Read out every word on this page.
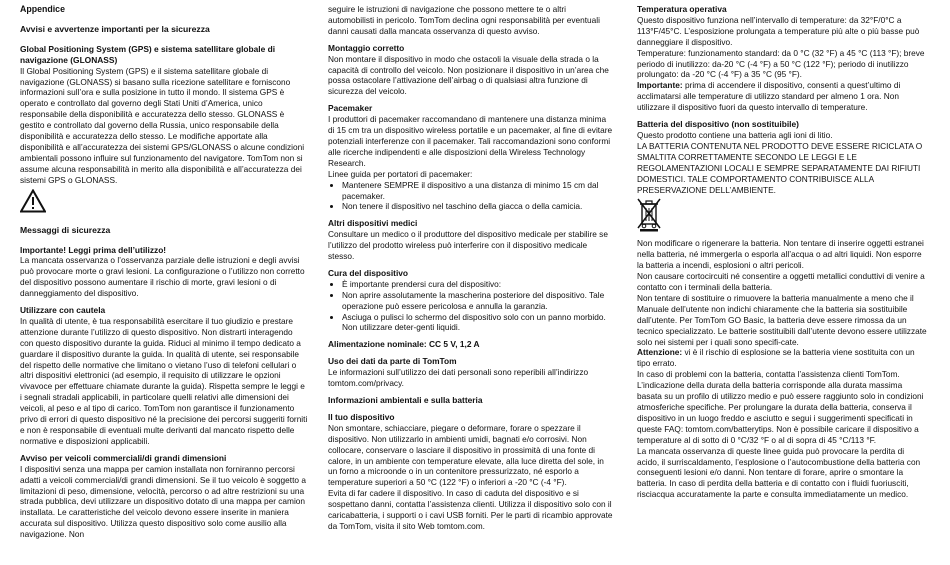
Appendice
Avvisi e avvertenze importanti per la sicurezza
Global Positioning System (GPS) e sistema satellitare globale di navigazione (GLONASS)

Il Global Positioning System (GPS) e il sistema satellitare globale di navigazione (GLONASS) si basano sulla ricezione satellitare e forniscono informazioni sull’ora e sulla posizione in tutto il mondo. Il sistema GPS è operato e controllato dal governo degli Stati Uniti d’America, unico responsabile della disponibilità e accuratezza dello stesso. GLONASS è gestito e controllato dal governo della Russia, unico responsabile della disponibilità e accuratezza dello stesso. Le modifiche apportate alla disponibilità e all’accuratezza dei sistemi GPS/GLONASS o alcune condizioni ambientali possono influire sul funzionamento del navigatore. TomTom non si assume alcuna responsabilità in merito alla disponibilità e all’accuratezza dei sistemi GPS o GLONASS.

Messaggi di sicurezza
Importante! Leggi prima dell’utilizzo!

La mancata osservanza o l’osservanza parziale delle istruzioni e degli avvisi può provocare morte o gravi lesioni. La configurazione o l’utilizzo non corretto del dispositivo possono aumentare il rischio di morte, gravi lesioni o di danneggiamento del dispositivo.

Utilizzare con cautela

In qualità di utente, è tua responsabilità esercitare il tuo giudizio e prestare attenzione durante l’utilizzo di questo dispositivo. Non distrarti interagendo con questo dispositivo durante la guida. Riduci al minimo il tempo dedicato a guardare il dispositivo durante la guida. In qualità di utente, sei responsabile del rispetto delle normative che limitano o vietano l’uso di telefoni cellulari o altri dispositivi elettronici (ad esempio, il requisito di utilizzare le opzioni vivavoce per effettuare chiamate durante la guida). Rispetta sempre le leggi e i segnali stradali applicabili, in particolare quelli relativi alle dimensioni dei veicoli, al peso e al tipo di carico. TomTom non garantisce il funzionamento privo di errori di questo dispositivo né la precisione dei percorsi suggeriti forniti e non è responsabile di eventuali multe derivanti dal mancato rispetto delle normative e disposizioni applicabili.

Avviso per veicoli commerciali/di grandi dimensioni

I dispositivi senza una mappa per camion installata non forniranno percorsi adatti a veicoli commerciali/di grandi dimensioni. Se il tuo veicolo è soggetto a limitazioni di peso, dimensione, velocità, percorso o ad altre restrizioni su una strada pubblica, devi utilizzare un dispositivo dotato di una mappa per camion installata. Le caratteristiche del veicolo devono essere inserite in maniera accurata sul dispositivo. Utilizza questo dispositivo solo come ausilio alla navigazione. Non

seguire le istruzioni di navigazione che possono mettere te o altri automobilisti in pericolo. TomTom declina ogni responsabilità per eventuali danni causati dalla mancata osservanza di questo avviso.

Montaggio corretto

Non montare il dispositivo in modo che ostacoli la visuale della strada o la capacità di controllo del veicolo. Non posizionare il dispositivo in un’area che possa ostacolare l’attivazione dell’airbag o di qualsiasi altra funzione di sicurezza del veicolo.

Pacemaker

I produttori di pacemaker raccomandano di mantenere una distanza minima di 15 cm tra un dispositivo wireless portatile e un pacemaker, al fine di evitare potenziali interferenze con il pacemaker. Tali raccomandazioni sono conformi alle ricerche indipendenti e alle disposizioni della Wireless Technology Research.

Linee guida per portatori di pacemaker:

• Mantenere SEMPRE il dispositivo a una distanza di minimo 15 cm dal pacemaker.
• Non tenere il dispositivo nel taschino della giacca o della camicia.
Altri dispositivi medici

Consultare un medico o il produttore del dispositivo medicale per stabilire se l’utilizzo del prodotto wireless può interferire con il dispositivo medicale stesso.

Cura del dispositivo
• È importante prendersi cura del dispositivo:
• Non aprire assolutamente la mascherina posteriore del dispositivo. Tale operazione può essere pericolosa e annulla la garanzia.
• Asciuga o pulisci lo schermo del dispositivo solo con un panno morbido. Non utilizzare deter-genti liquidi.
Alimentazione nominale: CC 5 V, 1,2 A
Uso dei dati da parte di TomTom

Le informazioni sull’utilizzo dei dati personali sono reperibili all’indirizzo tomtom.com/privacy.

Informazioni ambientali e sulla batteria
Il tuo dispositivo

Non smontare, schiacciare, piegare o deformare, forare o spezzare il dispositivo. Non utilizzarlo in ambienti umidi, bagnati e/o corrosivi. Non collocare, conservare o lasciare il dispositivo in prossimità di una fonte di calore, in un ambiente con temperature elevate, alla luce diretta del sole, in un forno a microonde o in un contenitore pressurizzato, né esporlo a temperature superiori a 50 °C (122 °F) o inferiori a -20 °C (-4 °F).

Evita di far cadere il dispositivo. In caso di caduta del dispositivo e si sospettano danni, contatta l’assistenza clienti. Utilizza il dispositivo solo con il caricabatteria, i supporti o i cavi USB forniti. Per le parti di ricambio approvate da TomTom, visita il sito Web tomtom.com.

Temperatura operativa

Questo dispositivo funziona nell’intervallo di temperature: da 32°F/0°C a 113°F/45°C. L’esposizione prolungata a temperature più alte o più basse può danneggiare il dispositivo.

Temperature: funzionamento standard: da 0 °C (32 °F) a 45 °C (113 °F); breve periodo di inutilizzo: da-20 °C (-4 °F) a 50 °C (122 °F); periodo di inutilizzo prolungato: da -20 °C (-4 °F) a 35 °C (95 °F).

Importante: prima di accendere il dispositivo, consenti a quest’ultimo di acclimatarsi alle temperature di utilizzo standard per almeno 1 ora. Non utilizzare il dispositivo fuori da questo intervallo di temperature.

Batteria del dispositivo (non sostituibile)

Questo prodotto contiene una batteria agli ioni di litio.

LA BATTERIA CONTENUTA NEL PRODOTTO DEVE ESSERE RICICLATA O SMALTITA CORRETTAMENTE SECONDO LE LEGGI E LE REGOLAMENTAZIONI LOCALI E SEMPRE SEPARATAMENTE DAI RIFIUTI DOMESTICI. TALE COMPORTAMENTO CONTRIBUISCE ALLA PRESERVAZIONE DELL’AMBIENTE.

Non modificare o rigenerare la batteria. Non tentare di inserire oggetti estranei nella batteria, né immergerla o esporla all’acqua o ad altri liquidi. Non esporre la batteria a incendi, esplosioni o altri pericoli.

Non causare cortocircuiti né consentire a oggetti metallici conduttivi di venire a contatto con i terminali della batteria.

Non tentare di sostituire o rimuovere la batteria manualmente a meno che il Manuale dell’utente non indichi chiaramente che la batteria sia sostituibile dall’utente. Per TomTom GO Basic, la batteria deve essere rimossa da un tecnico specializzato. Le batterie sostituibili dall’utente devono essere utilizzate solo nei sistemi per i quali sono specifi-cate.

Attenzione: vi è il rischio di esplosione se la batteria viene sostituita con un tipo errato.

In caso di problemi con la batteria, contatta l’assistenza clienti TomTom.

L’indicazione della durata della batteria corrisponde alla durata massima basata su un profilo di utilizzo medio e può essere raggiunto solo in condizioni atmosferiche specifiche. Per prolungare la durata della batteria, conserva il dispositivo in un luogo freddo e asciutto e segui i suggerimenti specificati in queste FAQ: tomtom.com/batterytips. Non è possibile caricare il dispositivo a temperature al di sotto di 0 °C/32 °F o al di sopra di 45 °C/113 °F.

La mancata osservanza di queste linee guida può provocare la perdita di acido, il surriscaldamento, l’esplosione o l’autocombustione della batteria con conseguenti lesioni e/o danni. Non tentare di forare, aprire o smontare la batteria. In caso di perdita della batteria e di contatto con i fluidi fuoriusciti, risciacqua accuratamente la parte e consulta immediatamente un medico.
